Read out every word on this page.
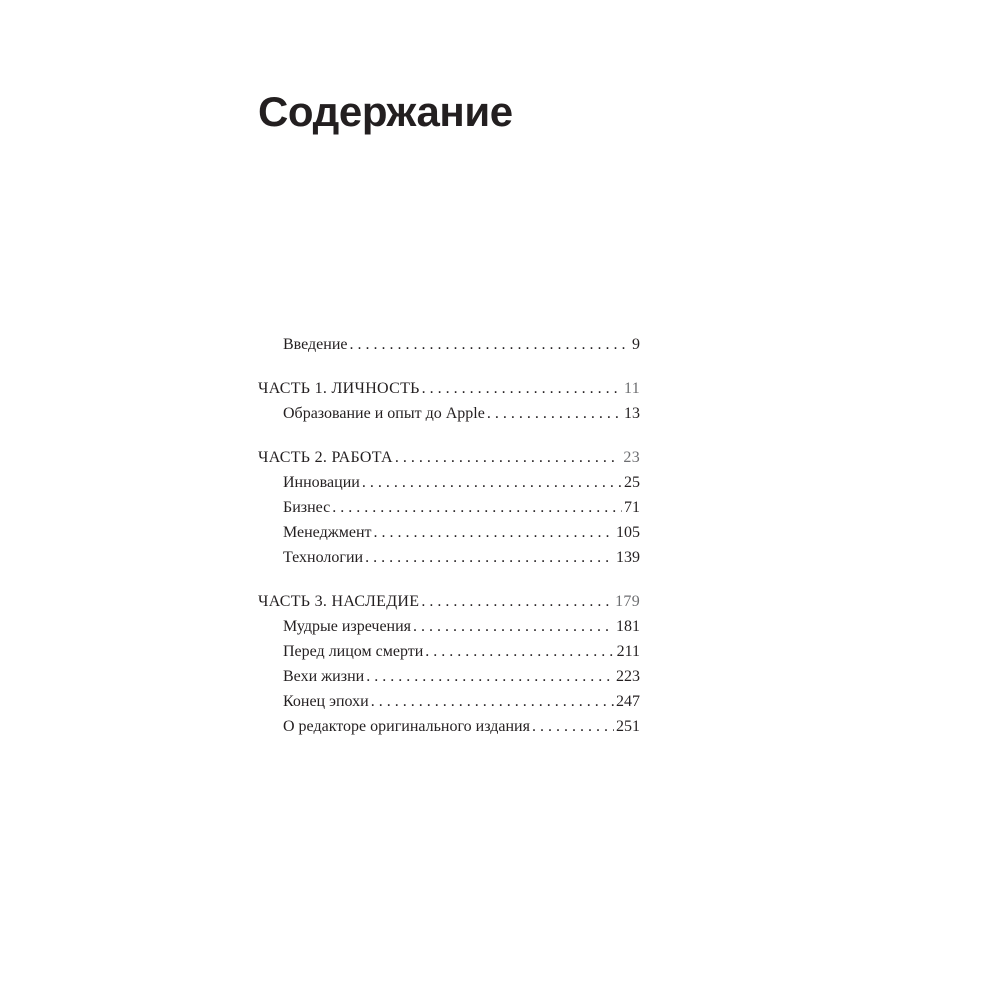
Содержание
Введение . . .	9
ЧАСТЬ 1. ЛИЧНОСТЬ . . .	11
Образование и опыт до Apple . . .	13
ЧАСТЬ 2. РАБОТА . . .	23
Инновации . . .	25
Бизнес . . .	71
Менеджмент . . .	105
Технологии . . .	139
ЧАСТЬ 3. НАСЛЕДИЕ . . .	179
Мудрые изречения . . .	181
Перед лицом смерти . . .	211
Вехи жизни . . .	223
Конец эпохи . . .	247
О редакторе оригинального издания . . .	251
